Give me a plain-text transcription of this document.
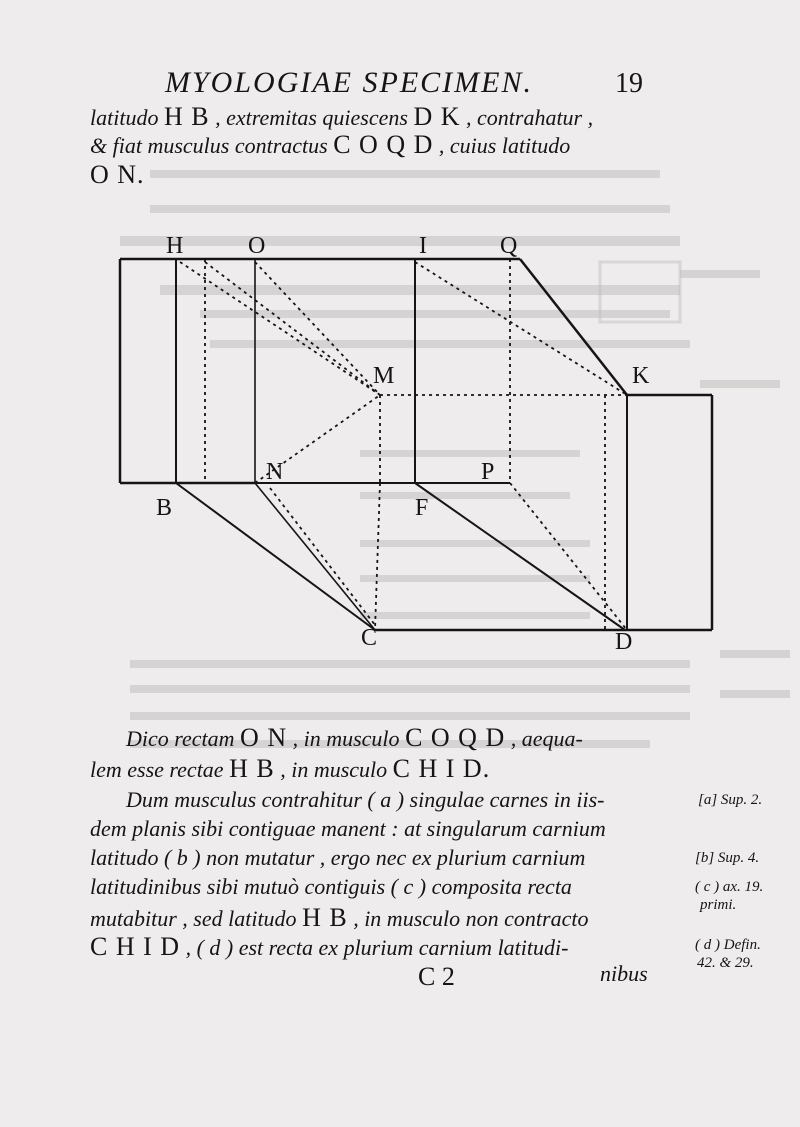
MYOLOGIAE SPECIMEN.	19
latitudo H B , extremitas quiescens D K , contrahatur ,
& fiat musculus contractus C O Q D , cuius latitudo
O N.
H	O	I	Q
M	K
N	P
B	F
C	D
Dico rectam O N , in musculo C O Q D , aequa-
lem esse rectae H B , in musculo C H I D.
Dum musculus contrahitur ( a ) singulae carnes in iis-
dem planis sibi contiguae manent : at singularum carnium
latitudo ( b ) non mutatur , ergo nec ex plurium carnium
latitudinibus sibi mutuò contiguis ( c ) composita recta
mutabitur , sed latitudo H B , in musculo non contracto
C H I D , ( d ) est recta ex plurium carnium latitudi-
C 2	nibus
[a] Sup. 2.
[b] Sup. 4.
( c ) ax. 19.
primi.
( d ) Defin.
42. & 29.
